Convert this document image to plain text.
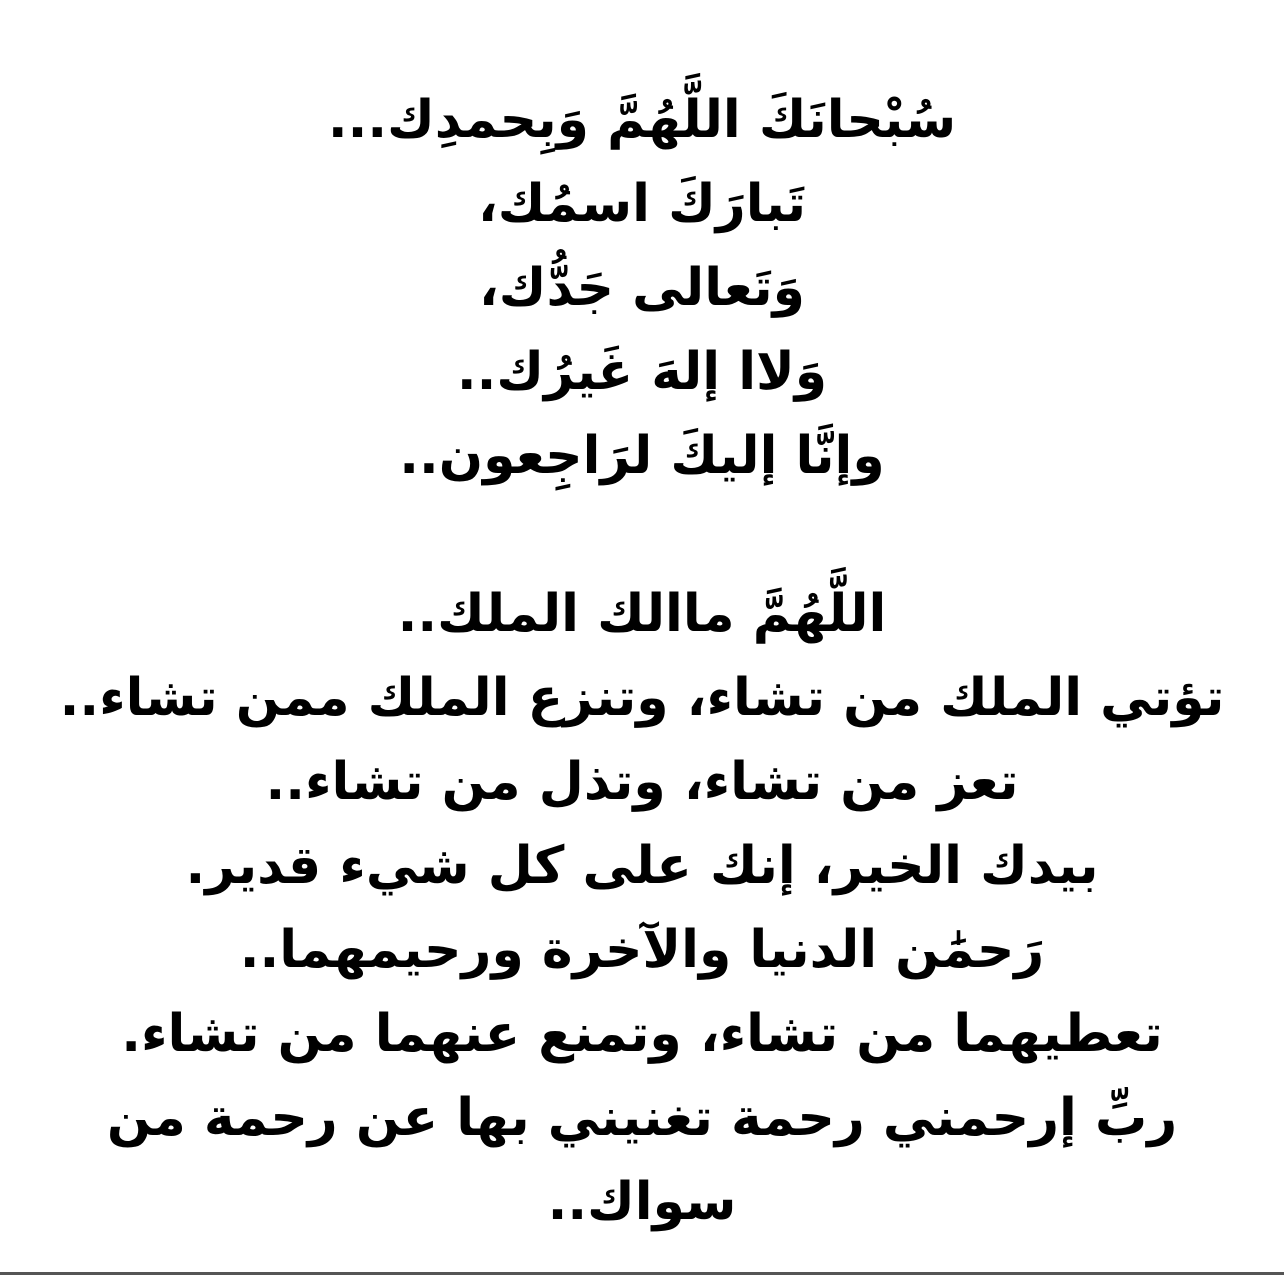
سُبْحانَكَ اللَّهُمَّ وَبِحمدِك...
تَبارَكَ اسمُك،
وَتَعالى جَدُّك،
وَلاا إلهَ غَيرُك..
وإنَّا إليكَ لرَاجِعون..
اللَّهُمَّ ماالك الملك..
تؤتي الملك من تشاء، وتنزع الملك ممن تشاء..
تعز من تشاء، وتذل من تشاء..
بيدك الخير، إنك على كل شيء قدير.
رَحمَٰن الدنيا والآخرة ورحيمهما..
تعطيهما من تشاء، وتمنع عنهما من تشاء.
ربِّ إرحمني رحمة تغنيني بها عن رحمة من
سواك..
